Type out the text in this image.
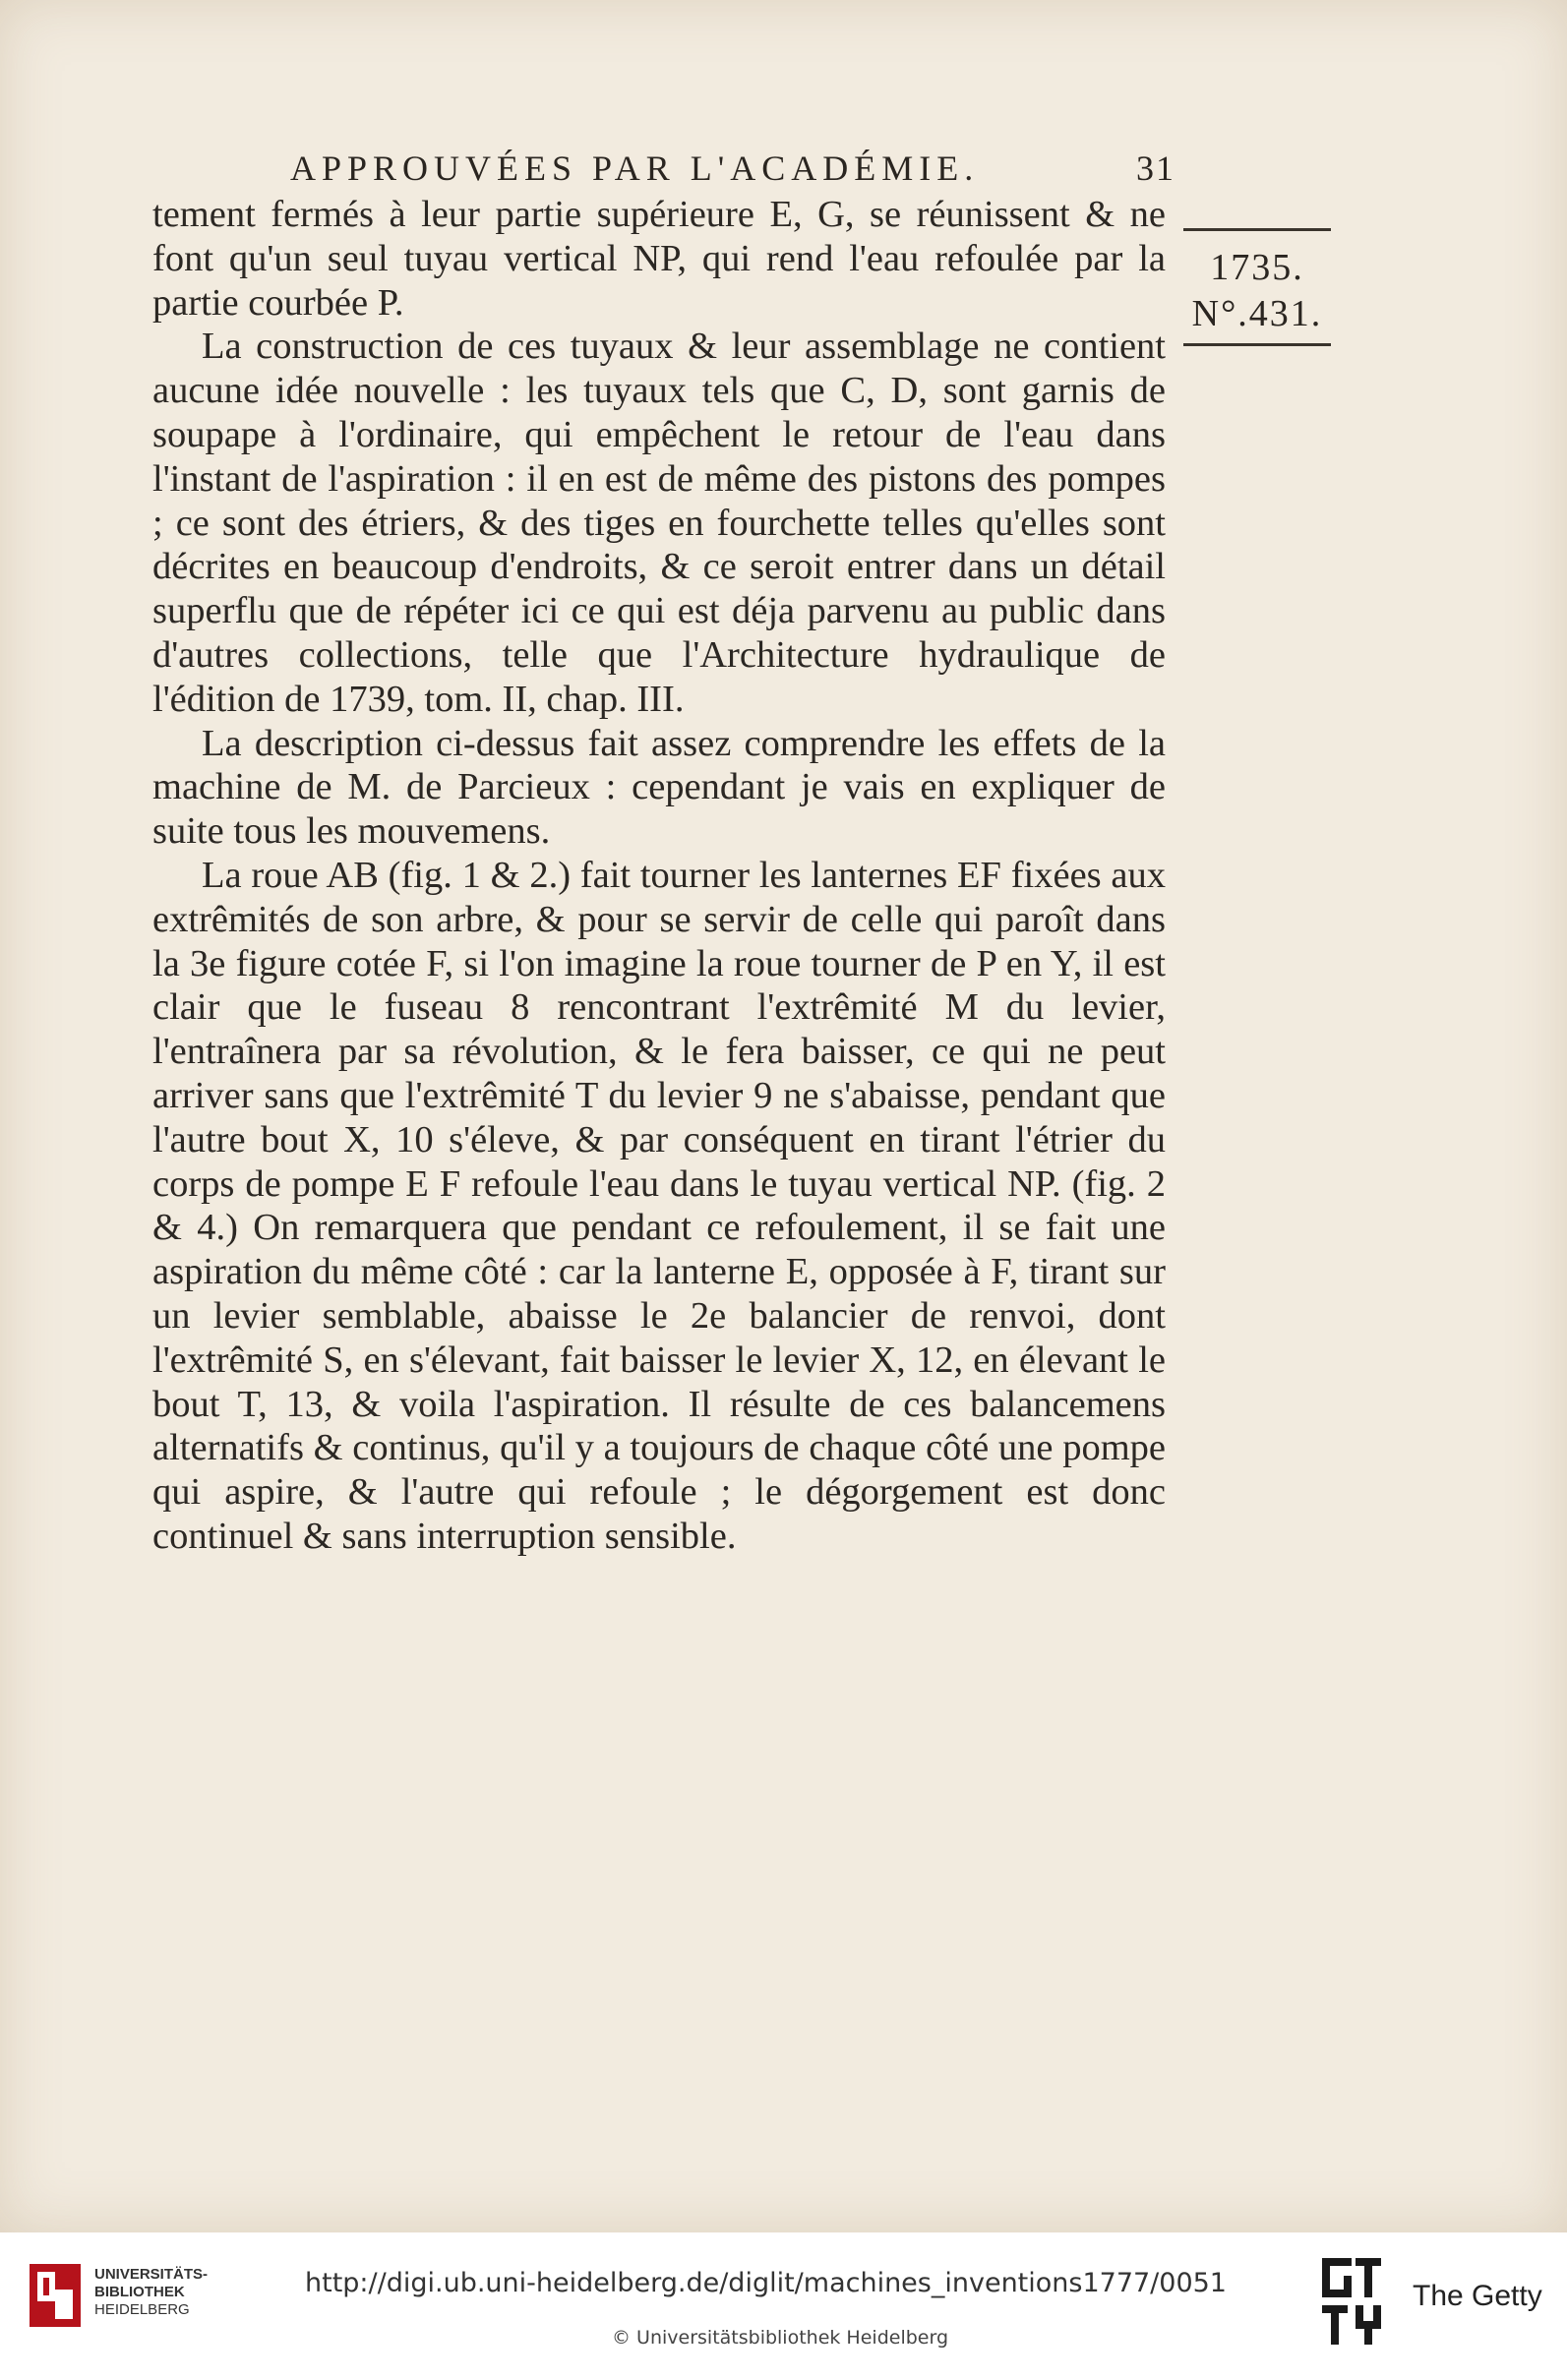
APPROUVÉES PAR L'ACADÉMIE.	31
1735.
N°.431.

tement fermés à leur partie supérieure E, G, se réunissent & ne font qu'un seul tuyau vertical NP, qui rend l'eau refoulée par la partie courbée P.

La construction de ces tuyaux & leur assemblage ne contient aucune idée nouvelle : les tuyaux tels que C, D, sont garnis de soupape à l'ordinaire, qui empêchent le retour de l'eau dans l'instant de l'aspiration : il en est de même des pistons des pompes ; ce sont des étriers, & des tiges en fourchette telles qu'elles sont décrites en beaucoup d'endroits, & ce seroit entrer dans un détail superflu que de répéter ici ce qui est déja parvenu au public dans d'autres collections, telle que l'Architecture hydraulique de l'édition de 1739, tom. II, chap. III.

La description ci-dessus fait assez comprendre les effets de la machine de M. de Parcieux : cependant je vais en expliquer de suite tous les mouvemens.

La roue AB (fig. 1 & 2.) fait tourner les lanternes EF fixées aux extrêmités de son arbre, & pour se servir de celle qui paroît dans la 3e figure cotée F, si l'on imagine la roue tourner de P en Y, il est clair que le fuseau 8 rencontrant l'extrêmité M du levier, l'entraînera par sa révolution, & le fera baisser, ce qui ne peut arriver sans que l'extrêmité T du levier 9 ne s'abaisse, pendant que l'autre bout X, 10 s'éleve, & par conséquent en tirant l'étrier du corps de pompe E F refoule l'eau dans le tuyau vertical NP. (fig. 2 & 4.) On remarquera que pendant ce refoulement, il se fait une aspiration du même côté : car la lanterne E, opposée à F, tirant sur un levier semblable, abaisse le 2e balancier de renvoi, dont l'extrêmité S, en s'élevant, fait baisser le levier X, 12, en élevant le bout T, 13, & voila l'aspiration. Il résulte de ces balancemens alternatifs & continus, qu'il y a toujours de chaque côté une pompe qui aspire, & l'autre qui refoule ; le dégorgement est donc continuel & sans interruption sensible.

UNIVERSITÄTS-
BIBLIOTHEK
HEIDELBERG
http://digi.ub.uni-heidelberg.de/diglit/machines_inventions1777/0051
© Universitätsbibliothek Heidelberg
The Getty
